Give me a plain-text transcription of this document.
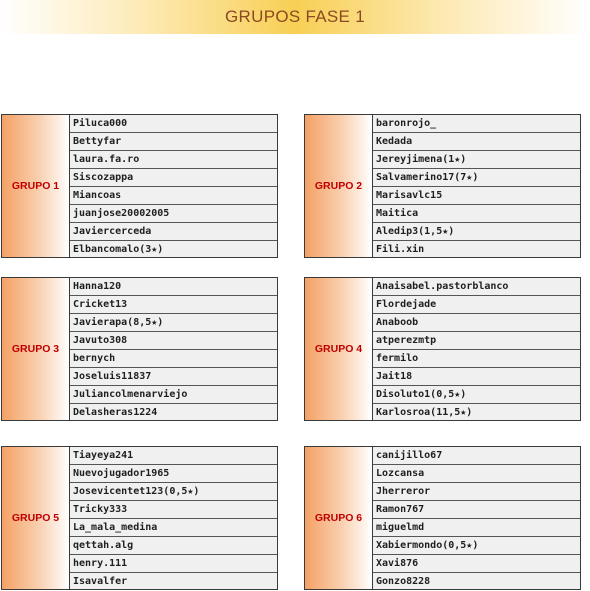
GRUPOS FASE 1
GRUPO 1
Piluca000
Bettyfar
laura.fa.ro
Siscozappa
Miancoas
juanjose20002005
Javiercerceda
Elbancomalo(3★)
GRUPO 2
baronrojo_
Kedada
Jereyjimena(1★)
Salvamerino17(7★)
Marisavlc15
Maitica
Aledip3(1,5★)
Fili.xin
GRUPO 3
Hanna120
Cricket13
Javierapa(8,5★)
Javuto308
bernych
Joseluis11837
Juliancolmenarviejo
Delasheras1224
GRUPO 4
Anaisabel.pastorblanco
Flordejade
Anaboob
atperezmtp
fermilo
Jait18
Disoluto1(0,5★)
Karlosroa(11,5★)
GRUPO 5
Tiayeya241
Nuevojugador1965
Josevicentet123(0,5★)
Tricky333
La_mala_medina
qettah.alg
henry.111
Isavalfer
GRUPO 6
canijillo67
Lozcansa
Jherreror
Ramon767
miguelmd
Xabiermondo(0,5★)
Xavi876
Gonzo8228
